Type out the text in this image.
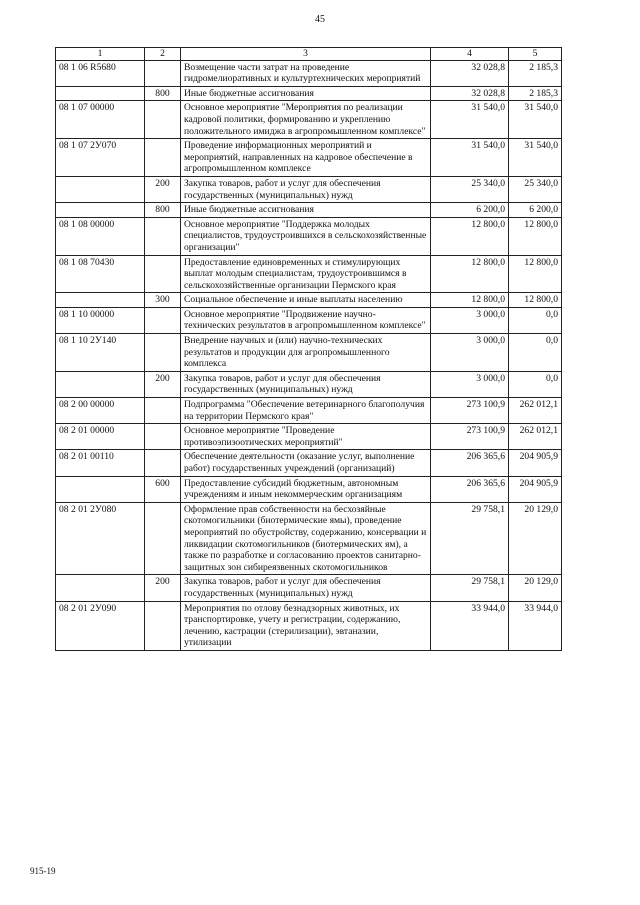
45
1	2	3	4	5
08 1 06 R5680		Возмещение части затрат на проведение гидромелиоративных и культуртехнических мероприятий	32 028,8	2 185,3
	800	Иные бюджетные ассигнования	32 028,8	2 185,3
08 1 07 00000		Основное мероприятие "Мероприятия по реализации кадровой политики, формированию и укреплению положительного имиджа в агропромышленном комплексе"	31 540,0	31 540,0
08 1 07 2У070		Проведение информационных мероприятий и мероприятий, направленных на кадровое обеспечение в агропромышленном комплексе	31 540,0	31 540,0
	200	Закупка товаров, работ и услуг для обеспечения государственных (муниципальных) нужд	25 340,0	25 340,0
	800	Иные бюджетные ассигнования	6 200,0	6 200,0
08 1 08 00000		Основное мероприятие "Поддержка молодых специалистов, трудоустроившихся в сельскохозяйственные организации"	12 800,0	12 800,0
08 1 08 70430		Предоставление единовременных и стимулирующих выплат молодым специалистам, трудоустроившимся в сельскохозяйственные организации Пермского края	12 800,0	12 800,0
	300	Социальное обеспечение и иные выплаты населению	12 800,0	12 800,0
08 1 10 00000		Основное мероприятие "Продвижение научно-технических результатов в агропромышленном комплексе"	3 000,0	0,0
08 1 10 2У140		Внедрение научных и (или) научно-технических результатов и продукции для агропромышленного комплекса	3 000,0	0,0
	200	Закупка товаров, работ и услуг для обеспечения государственных (муниципальных) нужд	3 000,0	0,0
08 2 00 00000		Подпрограмма "Обеспечение ветеринарного благополучия на территории Пермского края"	273 100,9	262 012,1
08 2 01 00000		Основное мероприятие "Проведение противоэпизоотических мероприятий"	273 100,9	262 012,1
08 2 01 00110		Обеспечение деятельности (оказание услуг, выполнение работ) государственных учреждений (организаций)	206 365,6	204 905,9
	600	Предоставление субсидий бюджетным, автономным учреждениям и иным некоммерческим организациям	206 365,6	204 905,9
08 2 01 2У080		Оформление прав собственности на бесхозяйные скотомогильники (биотермические ямы), проведение мероприятий по обустройству, содержанию, консервации и ликвидации скотомогильников (биотермических ям), а также по разработке и согласованию проектов санитарно-защитных зон сибиреязвенных скотомогильников	29 758,1	20 129,0
	200	Закупка товаров, работ и услуг для обеспечения государственных (муниципальных) нужд	29 758,1	20 129,0
08 2 01 2У090		Мероприятия по отлову безнадзорных животных, их транспортировке, учету и регистрации, содержанию, лечению, кастрации (стерилизации), эвтаназии, утилизации	33 944,0	33 944,0
915-19
